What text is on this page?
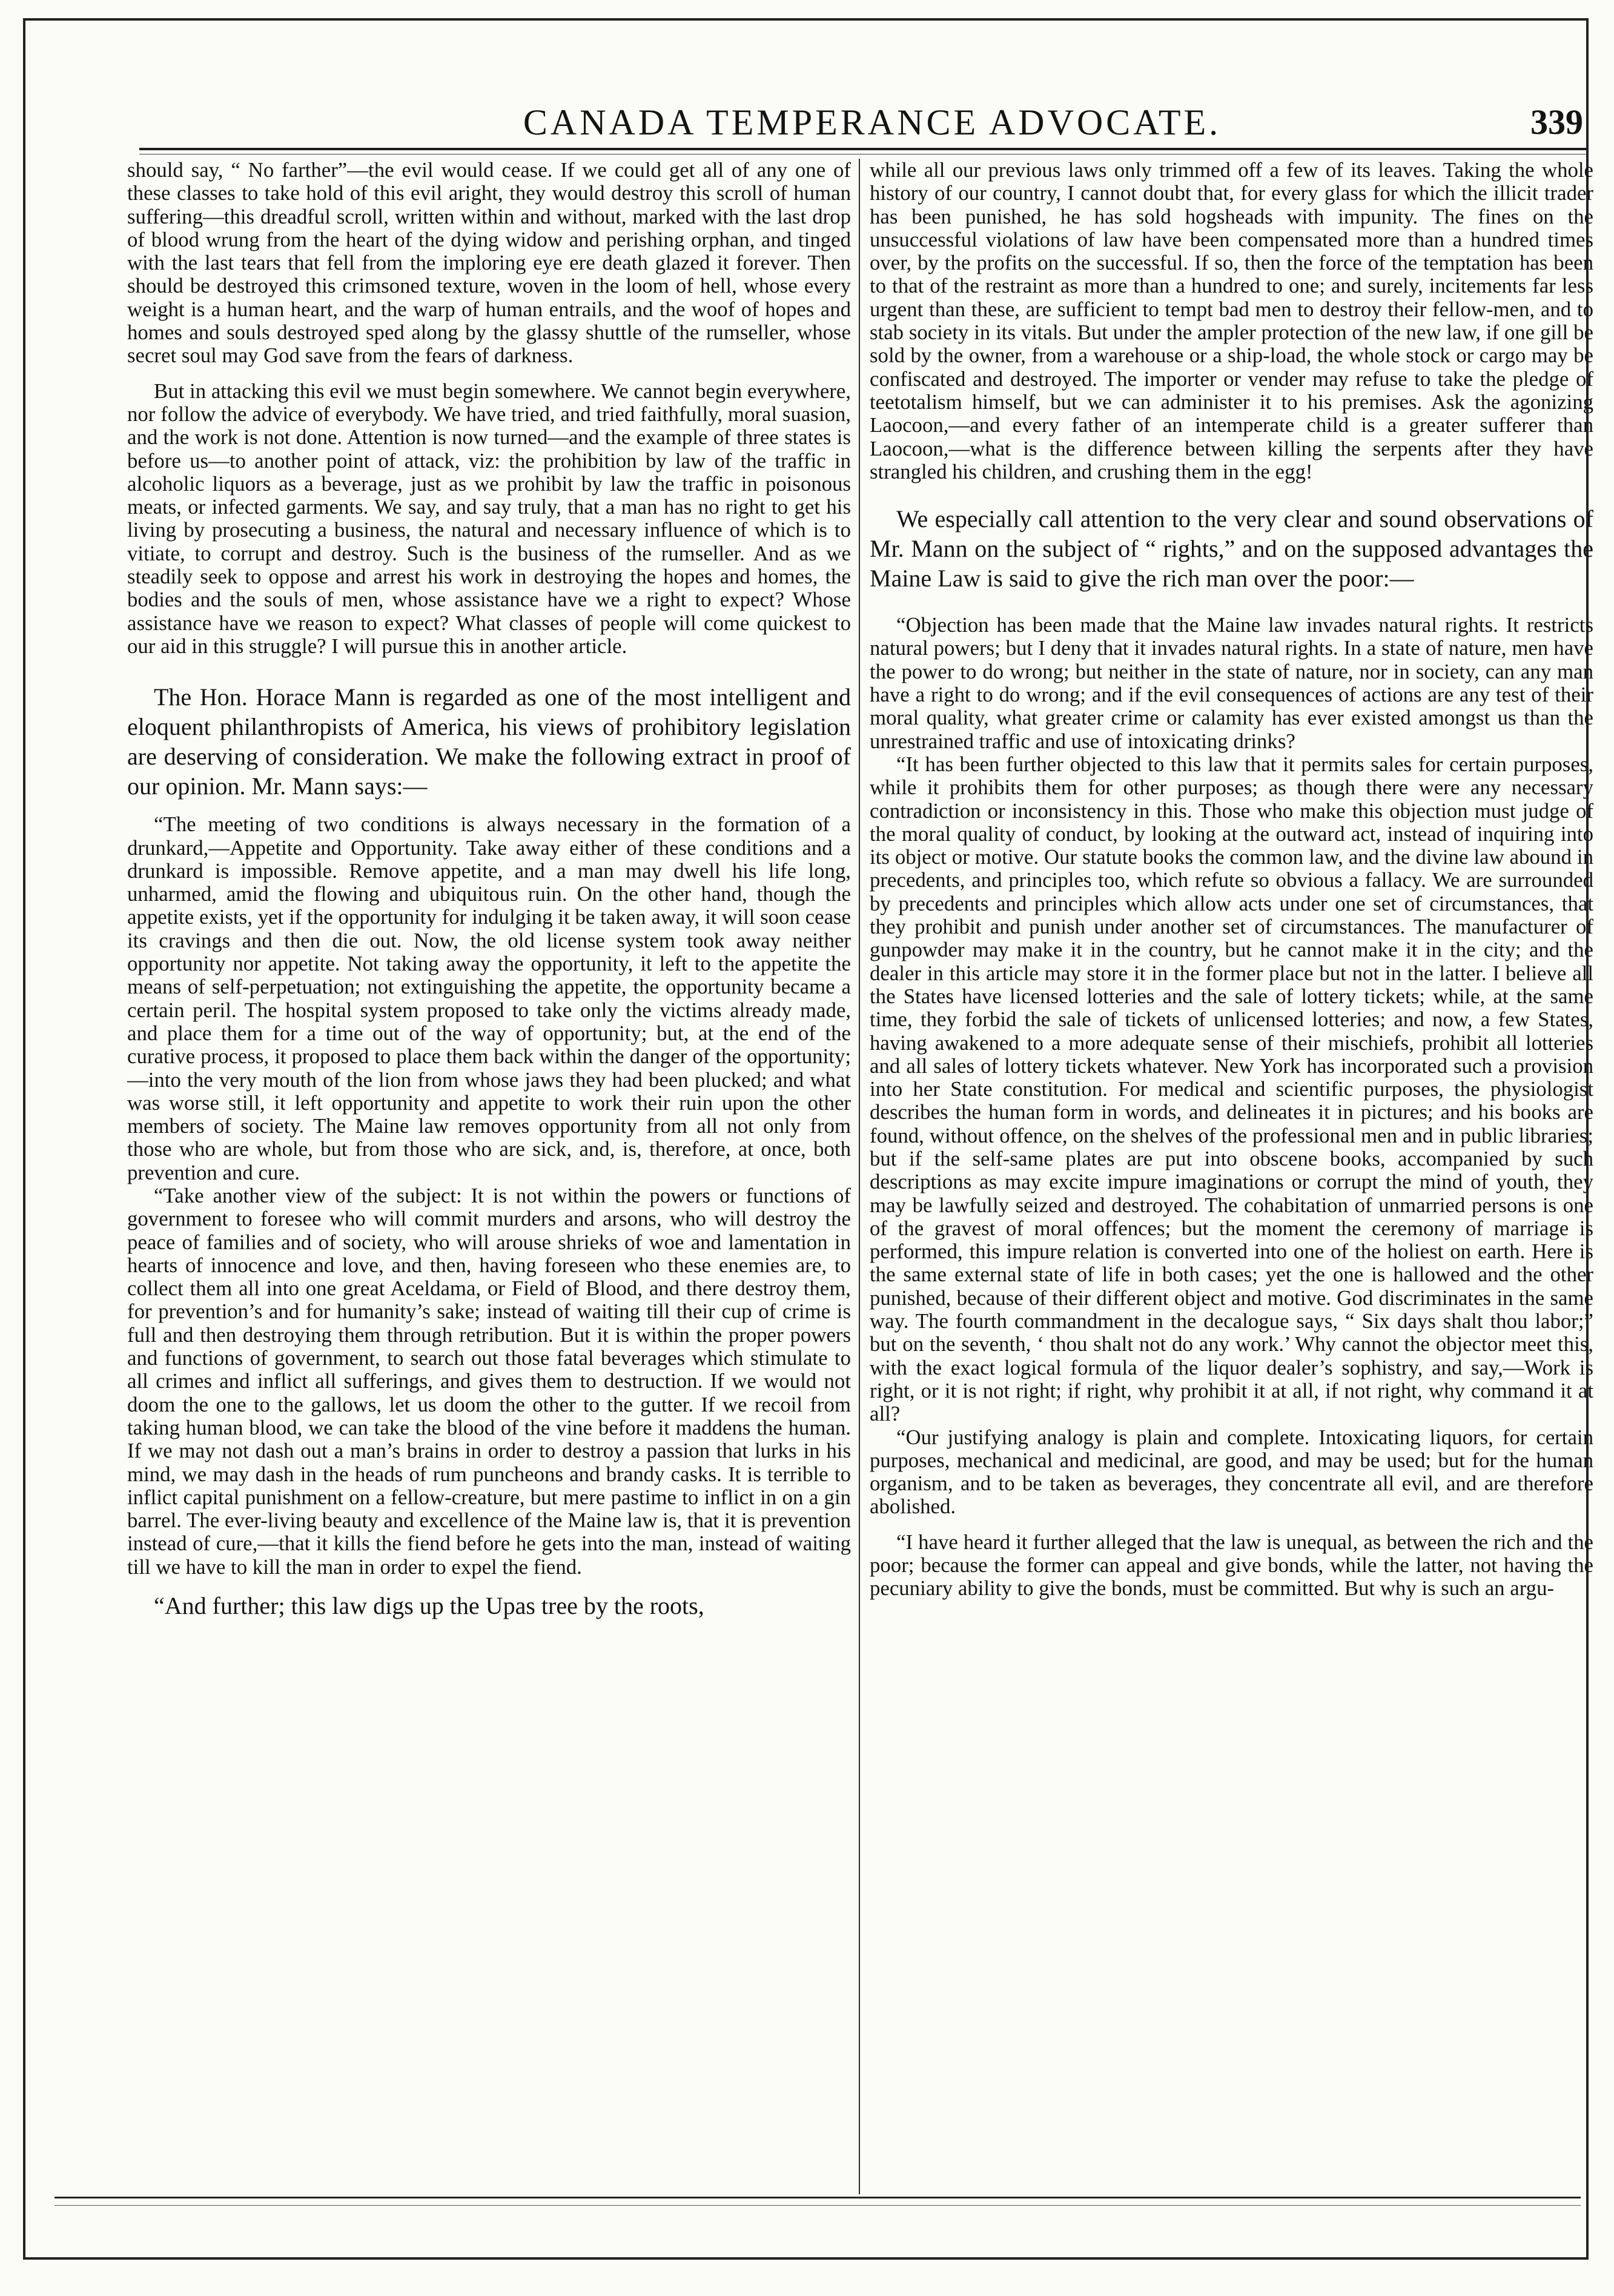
CANADA TEMPERANCE ADVOCATE.	339

should say, “ No farther”—the evil would cease. If we could get all of any one of these classes to take hold of this evil aright, they would destroy this scroll of human suffering—this dreadful scroll, written within and without, marked with the last drop of blood wrung from the heart of the dying widow and perishing orphan, and tinged with the last tears that fell from the imploring eye ere death glazed it forever. Then should be destroyed this crimsoned texture, woven in the loom of hell, whose every weight is a human heart, and the warp of human entrails, and the woof of hopes and homes and souls destroyed sped along by the glassy shuttle of the rumseller, whose secret soul may God save from the fears of darkness.

But in attacking this evil we must begin somewhere. We cannot begin everywhere, nor follow the advice of everybody. We have tried, and tried faithfully, moral suasion, and the work is not done. Attention is now turned—and the example of three states is before us—to another point of attack, viz: the prohibition by law of the traffic in alcoholic liquors as a beverage, just as we prohibit by law the traffic in poisonous meats, or infected garments. We say, and say truly, that a man has no right to get his living by prosecuting a business, the natural and necessary influence of which is to vitiate, to corrupt and destroy. Such is the business of the rumseller. And as we steadily seek to oppose and arrest his work in destroying the hopes and homes, the bodies and the souls of men, whose assistance have we a right to expect? Whose assistance have we reason to expect? What classes of people will come quickest to our aid in this struggle? I will pursue this in another article.

The Hon. Horace Mann is regarded as one of the most intelligent and eloquent philanthropists of America, his views of prohibitory legislation are deserving of consideration. We make the following extract in proof of our opinion. Mr. Mann says:—

“The meeting of two conditions is always necessary in the formation of a drunkard,—Appetite and Opportunity. Take away either of these conditions and a drunkard is impossible. Remove appetite, and a man may dwell his life long, unharmed, amid the flowing and ubiquitous ruin. On the other hand, though the appetite exists, yet if the opportunity for indulging it be taken away, it will soon cease its cravings and then die out. Now, the old license system took away neither opportunity nor appetite. Not taking away the opportunity, it left to the appetite the means of self-perpetuation; not extinguishing the appetite, the opportunity became a certain peril. The hospital system proposed to take only the victims already made, and place them for a time out of the way of opportunity; but, at the end of the curative process, it proposed to place them back within the danger of the opportunity;—into the very mouth of the lion from whose jaws they had been plucked; and what was worse still, it left opportunity and appetite to work their ruin upon the other members of society. The Maine law removes opportunity from all not only from those who are whole, but from those who are sick, and, is, therefore, at once, both prevention and cure.

“Take another view of the subject: It is not within the powers or functions of government to foresee who will commit murders and arsons, who will destroy the peace of families and of society, who will arouse shrieks of woe and lamentation in hearts of innocence and love, and then, having foreseen who these enemies are, to collect them all into one great Aceldama, or Field of Blood, and there destroy them, for prevention’s and for humanity’s sake; instead of waiting till their cup of crime is full and then destroying them through retribution. But it is within the proper powers and functions of government, to search out those fatal beverages which stimulate to all crimes and inflict all sufferings, and gives them to destruction. If we would not doom the one to the gallows, let us doom the other to the gutter. If we recoil from taking human blood, we can take the blood of the vine before it maddens the human. If we may not dash out a man’s brains in order to destroy a passion that lurks in his mind, we may dash in the heads of rum puncheons and brandy casks. It is terrible to inflict capital punishment on a fellow-creature, but mere pastime to inflict in on a gin barrel. The ever-living beauty and excellence of the Maine law is, that it is prevention instead of cure,—that it kills the fiend before he gets into the man, instead of waiting till we have to kill the man in order to expel the fiend.

“And further; this law digs up the Upas tree by the roots,

while all our previous laws only trimmed off a few of its leaves. Taking the whole history of our country, I cannot doubt that, for every glass for which the illicit trader has been punished, he has sold hogsheads with impunity. The fines on the unsuccessful violations of law have been compensated more than a hundred times over, by the profits on the successful. If so, then the force of the temptation has been to that of the restraint as more than a hundred to one; and surely, incitements far less urgent than these, are sufficient to tempt bad men to destroy their fellow-men, and to stab society in its vitals. But under the ampler protection of the new law, if one gill be sold by the owner, from a warehouse or a ship-load, the whole stock or cargo may be confiscated and destroyed. The importer or vender may refuse to take the pledge of teetotalism himself, but we can administer it to his premises. Ask the agonizing Laocoon,—and every father of an intemperate child is a greater sufferer than Laocoon,—what is the difference between killing the serpents after they have strangled his children, and crushing them in the egg!

We especially call attention to the very clear and sound observations of Mr. Mann on the subject of “ rights,” and on the supposed advantages the Maine Law is said to give the rich man over the poor:—

“Objection has been made that the Maine law invades natural rights. It restricts natural powers; but I deny that it invades natural rights. In a state of nature, men have the power to do wrong; but neither in the state of nature, nor in society, can any man have a right to do wrong; and if the evil consequences of actions are any test of their moral quality, what greater crime or calamity has ever existed amongst us than the unrestrained traffic and use of intoxicating drinks?

“It has been further objected to this law that it permits sales for certain purposes, while it prohibits them for other purposes; as though there were any necessary contradiction or inconsistency in this. Those who make this objection must judge of the moral quality of conduct, by looking at the outward act, instead of inquiring into its object or motive. Our statute books the common law, and the divine law abound in precedents, and principles too, which refute so obvious a fallacy. We are surrounded by precedents and principles which allow acts under one set of circumstances, that they prohibit and punish under another set of circumstances. The manufacturer of gunpowder may make it in the country, but he cannot make it in the city; and the dealer in this article may store it in the former place but not in the latter. I believe all the States have licensed lotteries and the sale of lottery tickets; while, at the same time, they forbid the sale of tickets of unlicensed lotteries; and now, a few States, having awakened to a more adequate sense of their mischiefs, prohibit all lotteries and all sales of lottery tickets whatever. New York has incorporated such a provision into her State constitution. For medical and scientific purposes, the physiologist describes the human form in words, and delineates it in pictures; and his books are found, without offence, on the shelves of the professional men and in public libraries; but if the self-same plates are put into obscene books, accompanied by such descriptions as may excite impure imaginations or corrupt the mind of youth, they may be lawfully seized and destroyed. The cohabitation of unmarried persons is one of the gravest of moral offences; but the moment the ceremony of marriage is performed, this impure relation is converted into one of the holiest on earth. Here is the same external state of life in both cases; yet the one is hallowed and the other punished, because of their different object and motive. God discriminates in the same way. The fourth commandment in the decalogue says, “ Six days shalt thou labor;” but on the seventh, ‘ thou shalt not do any work.’ Why cannot the objector meet this, with the exact logical formula of the liquor dealer’s sophistry, and say,—Work is right, or it is not right; if right, why prohibit it at all, if not right, why command it at all?

“Our justifying analogy is plain and complete. Intoxicating liquors, for certain purposes, mechanical and medicinal, are good, and may be used; but for the human organism, and to be taken as beverages, they concentrate all evil, and are therefore abolished.

“I have heard it further alleged that the law is unequal, as between the rich and the poor; because the former can appeal and give bonds, while the latter, not having the pecuniary ability to give the bonds, must be committed. But why is such an argu-
